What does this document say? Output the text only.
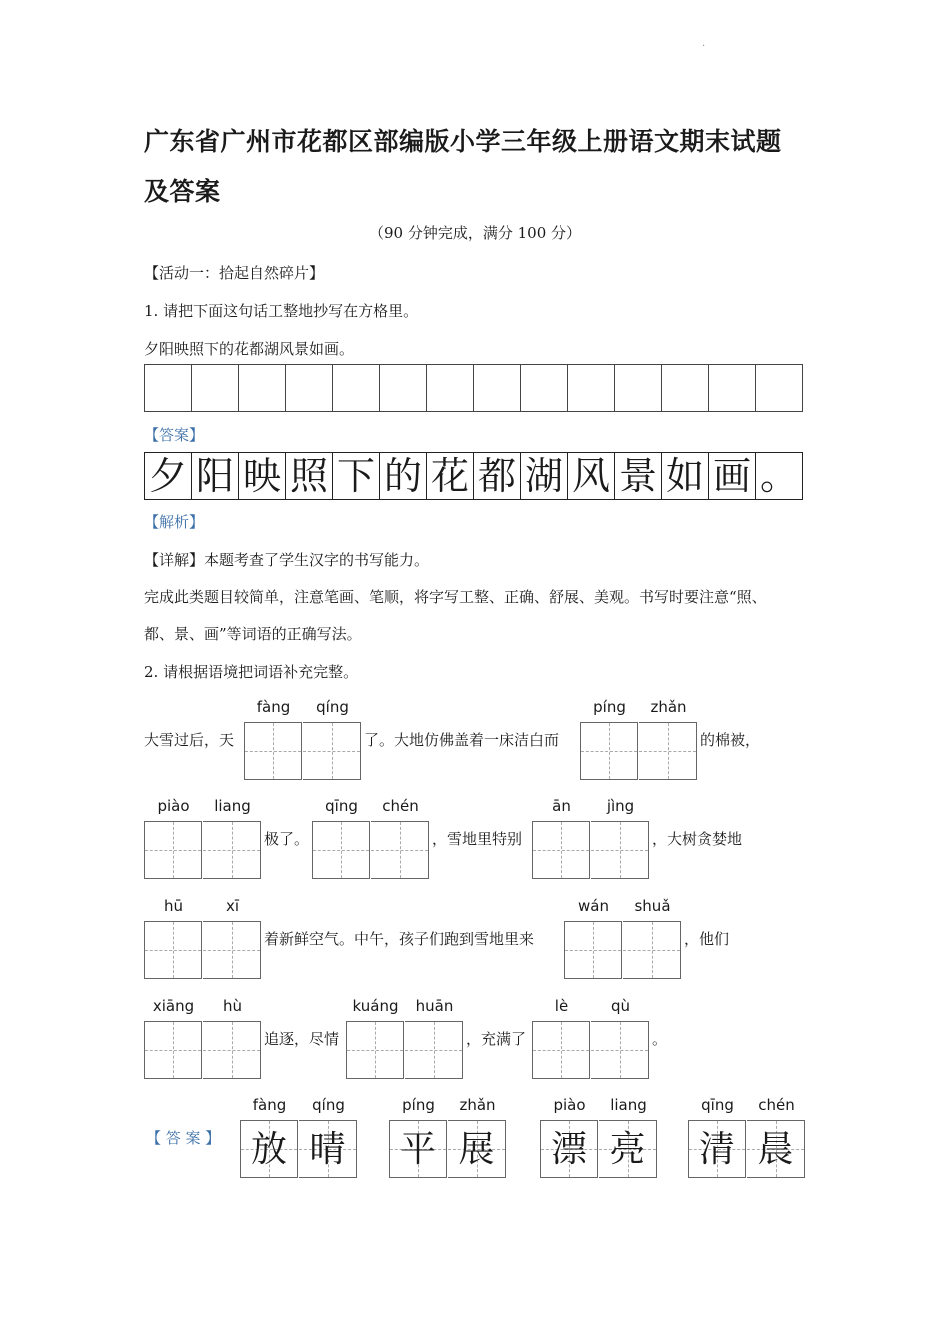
.
广东省广州市花都区部编版小学三年级上册语文期末试题
及答案
（90 分钟完成，满分 100 分）
【活动一：拾起自然碎片】
1. 请把下面这句话工整地抄写在方格里。
夕阳映照下的花都湖风景如画。
【答案】
夕 阳 映 照 下 的 花 都 湖 风 景 如 画 。
【解析】
【详解】本题考查了学生汉字的书写能力。
完成此类题目较简单，注意笔画、笔顺，将字写工整、正确、舒展、美观。书写时要注意“照、
都、景、画”等词语的正确写法。
2. 请根据语境把词语补充完整。
大雪过后，天
fàng	qíng
了。大地仿佛盖着一床洁白而
píng	zhǎn
的棉被，
piào	liang
极了。
qīng	chén
，雪地里特别
ān	jìng
，大树贪婪地
hū	xī
着新鲜空气。中午，孩子们跑到雪地里来
wán	shuǎ
，他们
xiāng	hù
追逐，尽情
kuáng	huān
，充满了
lè	qù
。
【 答 案 】
fàng
放
qíng
晴
píng
平
zhǎn
展
piào
漂
liang
亮
qīng
清
chén
晨
